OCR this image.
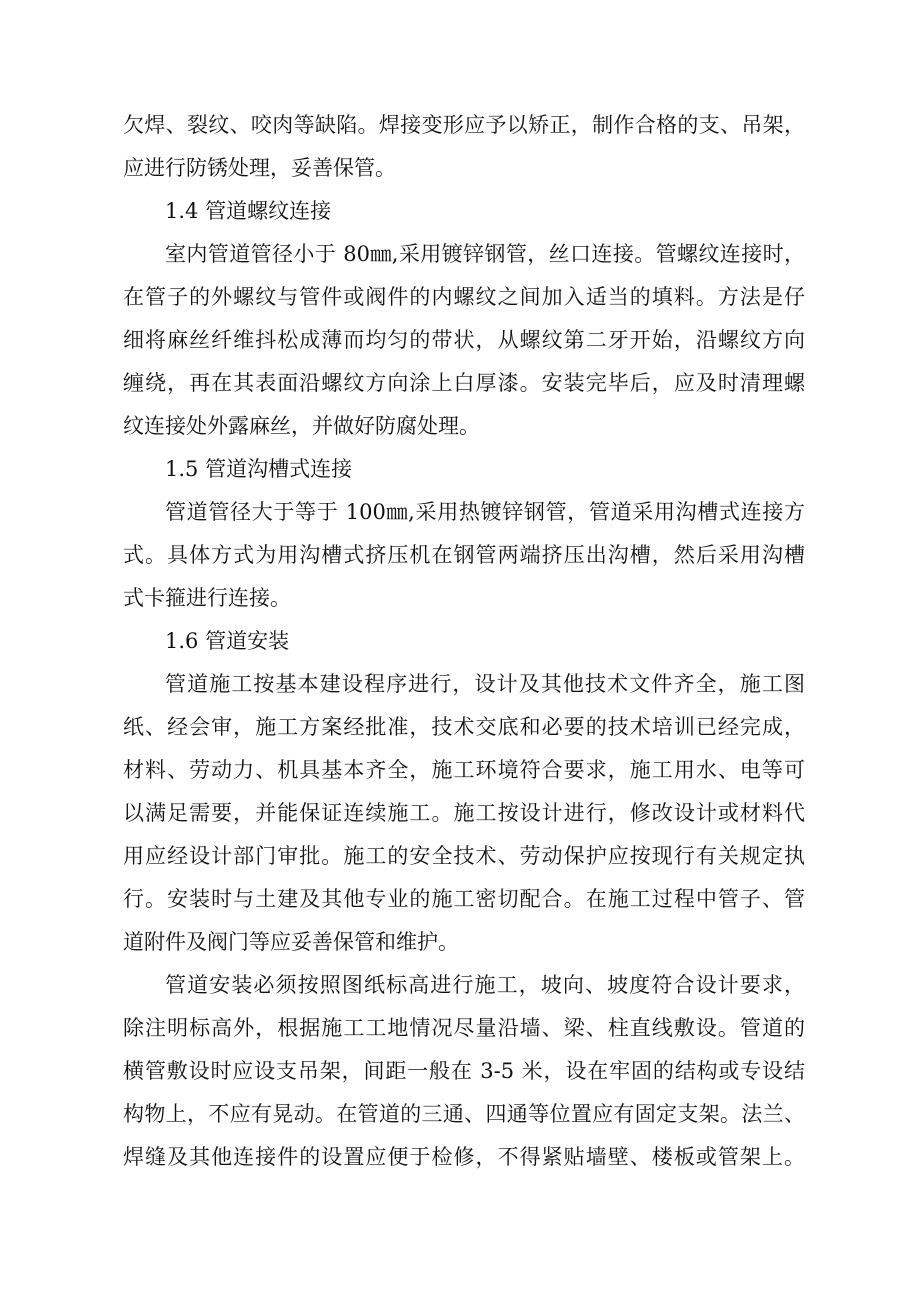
欠焊、裂纹、咬肉等缺陷。焊接变形应予以矫正，制作合格的支、吊架，

应进行防锈处理，妥善保管。

1.4 管道螺纹连接

室内管道管径小于 80㎜,采用镀锌钢管，丝口连接。管螺纹连接时，

在管子的外螺纹与管件或阀件的内螺纹之间加入适当的填料。方法是仔

细将麻丝纤维抖松成薄而均匀的带状，从螺纹第二牙开始，沿螺纹方向

缠绕，再在其表面沿螺纹方向涂上白厚漆。安装完毕后，应及时清理螺

纹连接处外露麻丝，并做好防腐处理。

1.5 管道沟槽式连接

管道管径大于等于 100㎜,采用热镀锌钢管，管道采用沟槽式连接方

式。具体方式为用沟槽式挤压机在钢管两端挤压出沟槽，然后采用沟槽

式卡箍进行连接。

1.6 管道安装

管道施工按基本建设程序进行，设计及其他技术文件齐全，施工图

纸、经会审，施工方案经批准，技术交底和必要的技术培训已经完成，

材料、劳动力、机具基本齐全，施工环境符合要求，施工用水、电等可

以满足需要，并能保证连续施工。施工按设计进行，修改设计或材料代

用应经设计部门审批。施工的安全技术、劳动保护应按现行有关规定执

行。安装时与土建及其他专业的施工密切配合。在施工过程中管子、管

道附件及阀门等应妥善保管和维护。

管道安装必须按照图纸标高进行施工，坡向、坡度符合设计要求，

除注明标高外，根据施工工地情况尽量沿墙、梁、柱直线敷设。管道的

横管敷设时应设支吊架，间距一般在 3-5 米，设在牢固的结构或专设结

构物上，不应有晃动。在管道的三通、四通等位置应有固定支架。法兰、

焊缝及其他连接件的设置应便于检修，不得紧贴墙壁、楼板或管架上。
